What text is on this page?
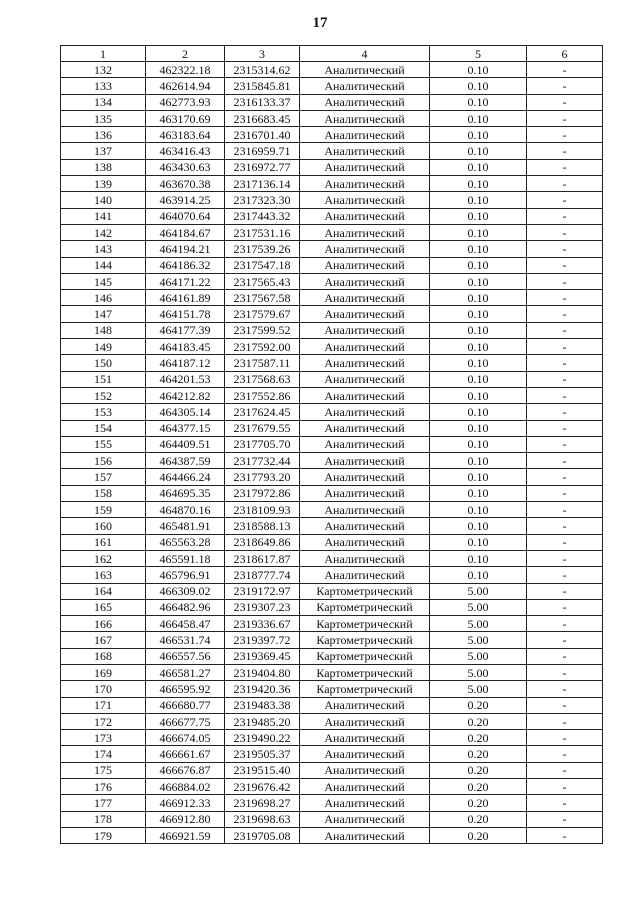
17
1	2	3	4	5	6
132	462322.18	2315314.62	Аналитический	0.10	-
133	462614.94	2315845.81	Аналитический	0.10	-
134	462773.93	2316133.37	Аналитический	0.10	-
135	463170.69	2316683.45	Аналитический	0.10	-
136	463183.64	2316701.40	Аналитический	0.10	-
137	463416.43	2316959.71	Аналитический	0.10	-
138	463430.63	2316972.77	Аналитический	0.10	-
139	463670.38	2317136.14	Аналитический	0.10	-
140	463914.25	2317323.30	Аналитический	0.10	-
141	464070.64	2317443.32	Аналитический	0.10	-
142	464184.67	2317531.16	Аналитический	0.10	-
143	464194.21	2317539.26	Аналитический	0.10	-
144	464186.32	2317547.18	Аналитический	0.10	-
145	464171.22	2317565.43	Аналитический	0.10	-
146	464161.89	2317567.58	Аналитический	0.10	-
147	464151.78	2317579.67	Аналитический	0.10	-
148	464177.39	2317599.52	Аналитический	0.10	-
149	464183.45	2317592.00	Аналитический	0.10	-
150	464187.12	2317587.11	Аналитический	0.10	-
151	464201.53	2317568.63	Аналитический	0.10	-
152	464212.82	2317552.86	Аналитический	0.10	-
153	464305.14	2317624.45	Аналитический	0.10	-
154	464377.15	2317679.55	Аналитический	0.10	-
155	464409.51	2317705.70	Аналитический	0.10	-
156	464387.59	2317732.44	Аналитический	0.10	-
157	464466.24	2317793.20	Аналитический	0.10	-
158	464695.35	2317972.86	Аналитический	0.10	-
159	464870.16	2318109.93	Аналитический	0.10	-
160	465481.91	2318588.13	Аналитический	0.10	-
161	465563.28	2318649.86	Аналитический	0.10	-
162	465591.18	2318617.87	Аналитический	0.10	-
163	465796.91	2318777.74	Аналитический	0.10	-
164	466309.02	2319172.97	Картометрический	5.00	-
165	466482.96	2319307.23	Картометрический	5.00	-
166	466458.47	2319336.67	Картометрический	5.00	-
167	466531.74	2319397.72	Картометрический	5.00	-
168	466557.56	2319369.45	Картометрический	5.00	-
169	466581.27	2319404.80	Картометрический	5.00	-
170	466595.92	2319420.36	Картометрический	5.00	-
171	466680.77	2319483.38	Аналитический	0.20	-
172	466677.75	2319485.20	Аналитический	0.20	-
173	466674.05	2319490.22	Аналитический	0.20	-
174	466661.67	2319505.37	Аналитический	0.20	-
175	466676.87	2319515.40	Аналитический	0.20	-
176	466884.02	2319676.42	Аналитический	0.20	-
177	466912.33	2319698.27	Аналитический	0.20	-
178	466912.80	2319698.63	Аналитический	0.20	-
179	466921.59	2319705.08	Аналитический	0.20	-
